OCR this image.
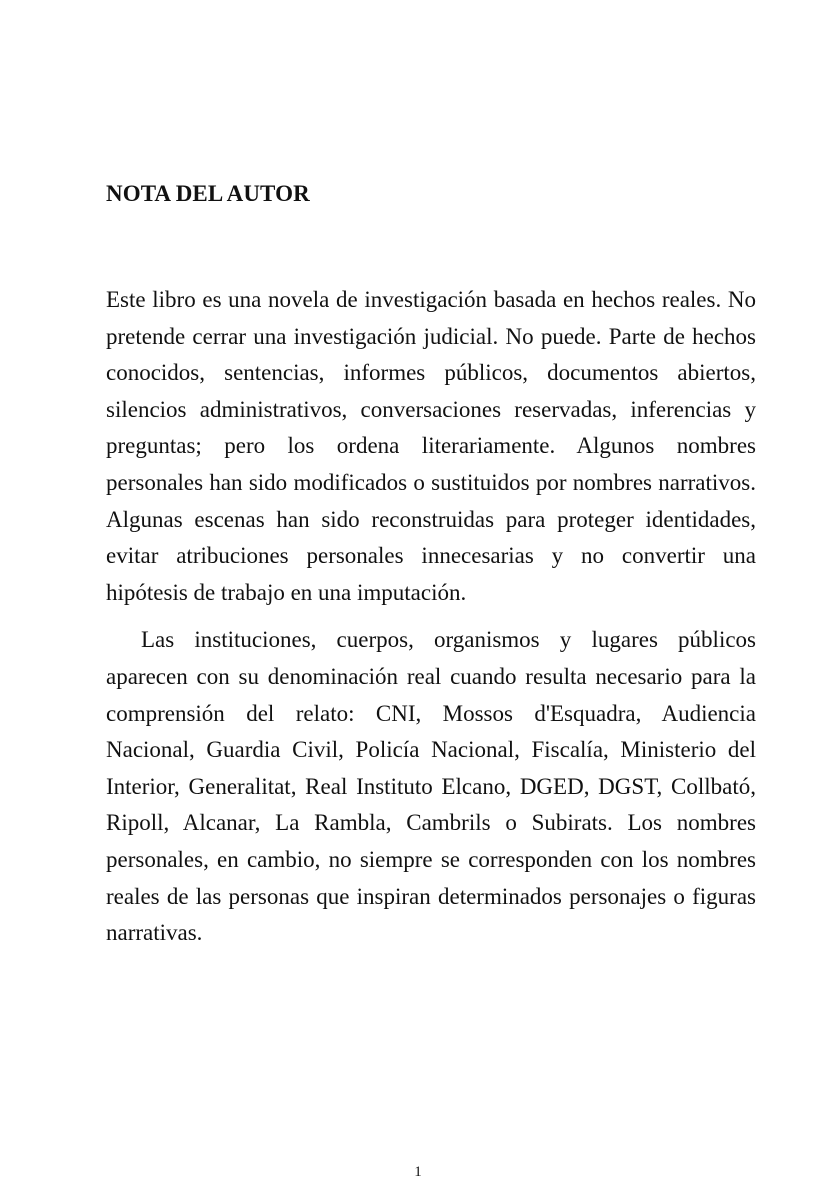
NOTA DEL AUTOR

Este libro es una novela de investigación basada en hechos reales. No pretende cerrar una investigación judicial. No puede. Parte de hechos conocidos, sentencias, informes públicos, documentos abiertos, silencios administrativos, conversaciones reservadas, inferencias y preguntas; pero los ordena literariamente. Algunos nombres personales han sido modificados o sustituidos por nombres narrativos. Algunas escenas han sido reconstruidas para proteger identidades, evitar atribuciones personales innecesarias y no convertir una hipótesis de trabajo en una imputación.

Las instituciones, cuerpos, organismos y lugares públicos aparecen con su denominación real cuando resulta necesario para la comprensión del relato: CNI, Mossos d'Esquadra, Audiencia Nacional, Guardia Civil, Policía Nacional, Fiscalía, Ministerio del Interior, Generalitat, Real Instituto Elcano, DGED, DGST, Collbató, Ripoll, Alcanar, La Rambla, Cambrils o Subirats. Los nombres personales, en cambio, no siempre se corresponden con los nombres reales de las personas que inspiran determinados personajes o figuras narrativas.

1
